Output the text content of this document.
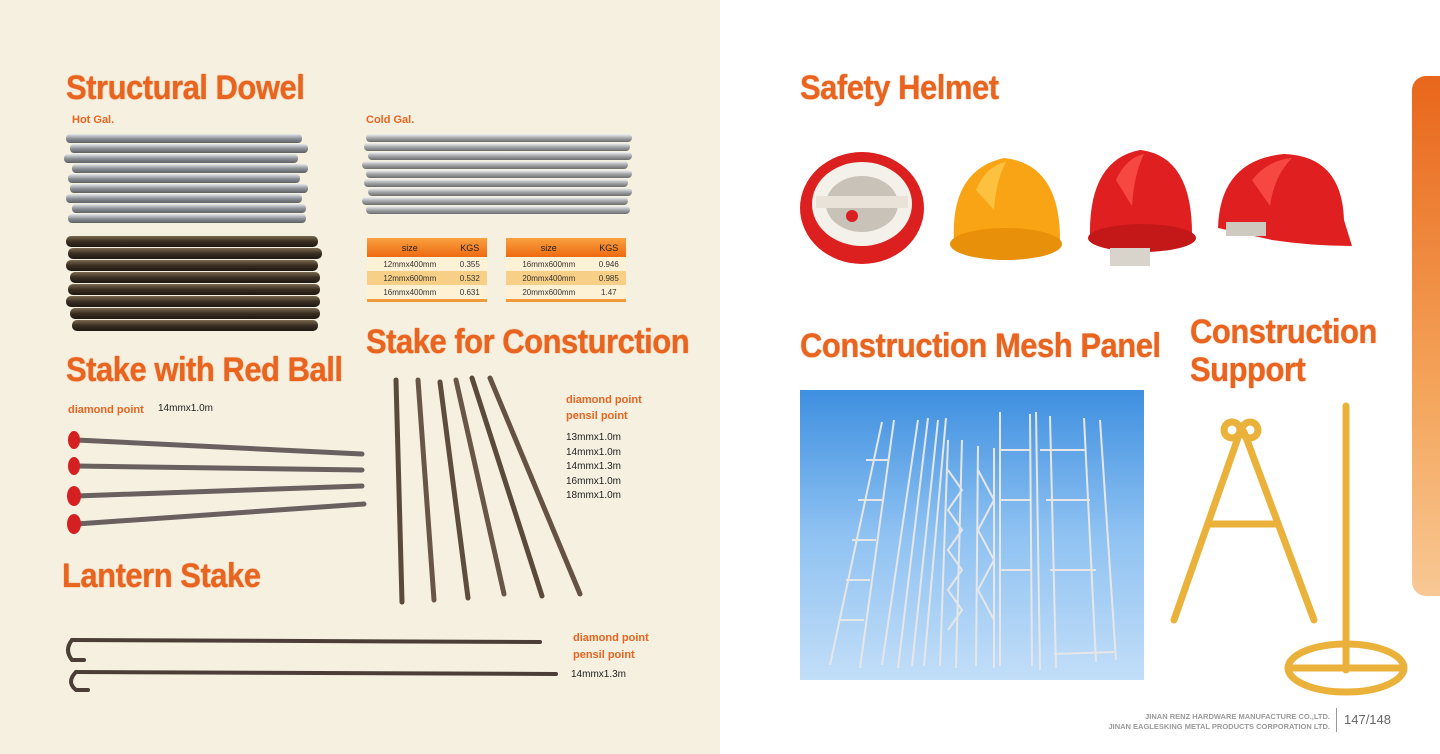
Structural Dowel
Hot Gal.	Cold Gal.
size	KGS
12mmx400mm	0.355
12mmx600mm	0.532
16mmx400mm	0.631
size	KGS
16mmx600mm	0.946
20mmx400mm	0.985
20mmx600mm	1.47
Stake for Consturction
diamond point
pensil point
13mmx1.0m
14mmx1.0m
14mmx1.3m
16mmx1.0m
18mmx1.0m
Stake with Red Ball
diamond point 14mmx1.0m
Lantern Stake
diamond point
pensil point
14mmx1.3m
Safety Helmet
Construction Mesh Panel Construction
Support
JINAN RENZ HARDWARE MANUFACTURE CO.,LTD.
JINAN EAGLESKING METAL PRODUCTS CORPORATION LTD. 147/148
